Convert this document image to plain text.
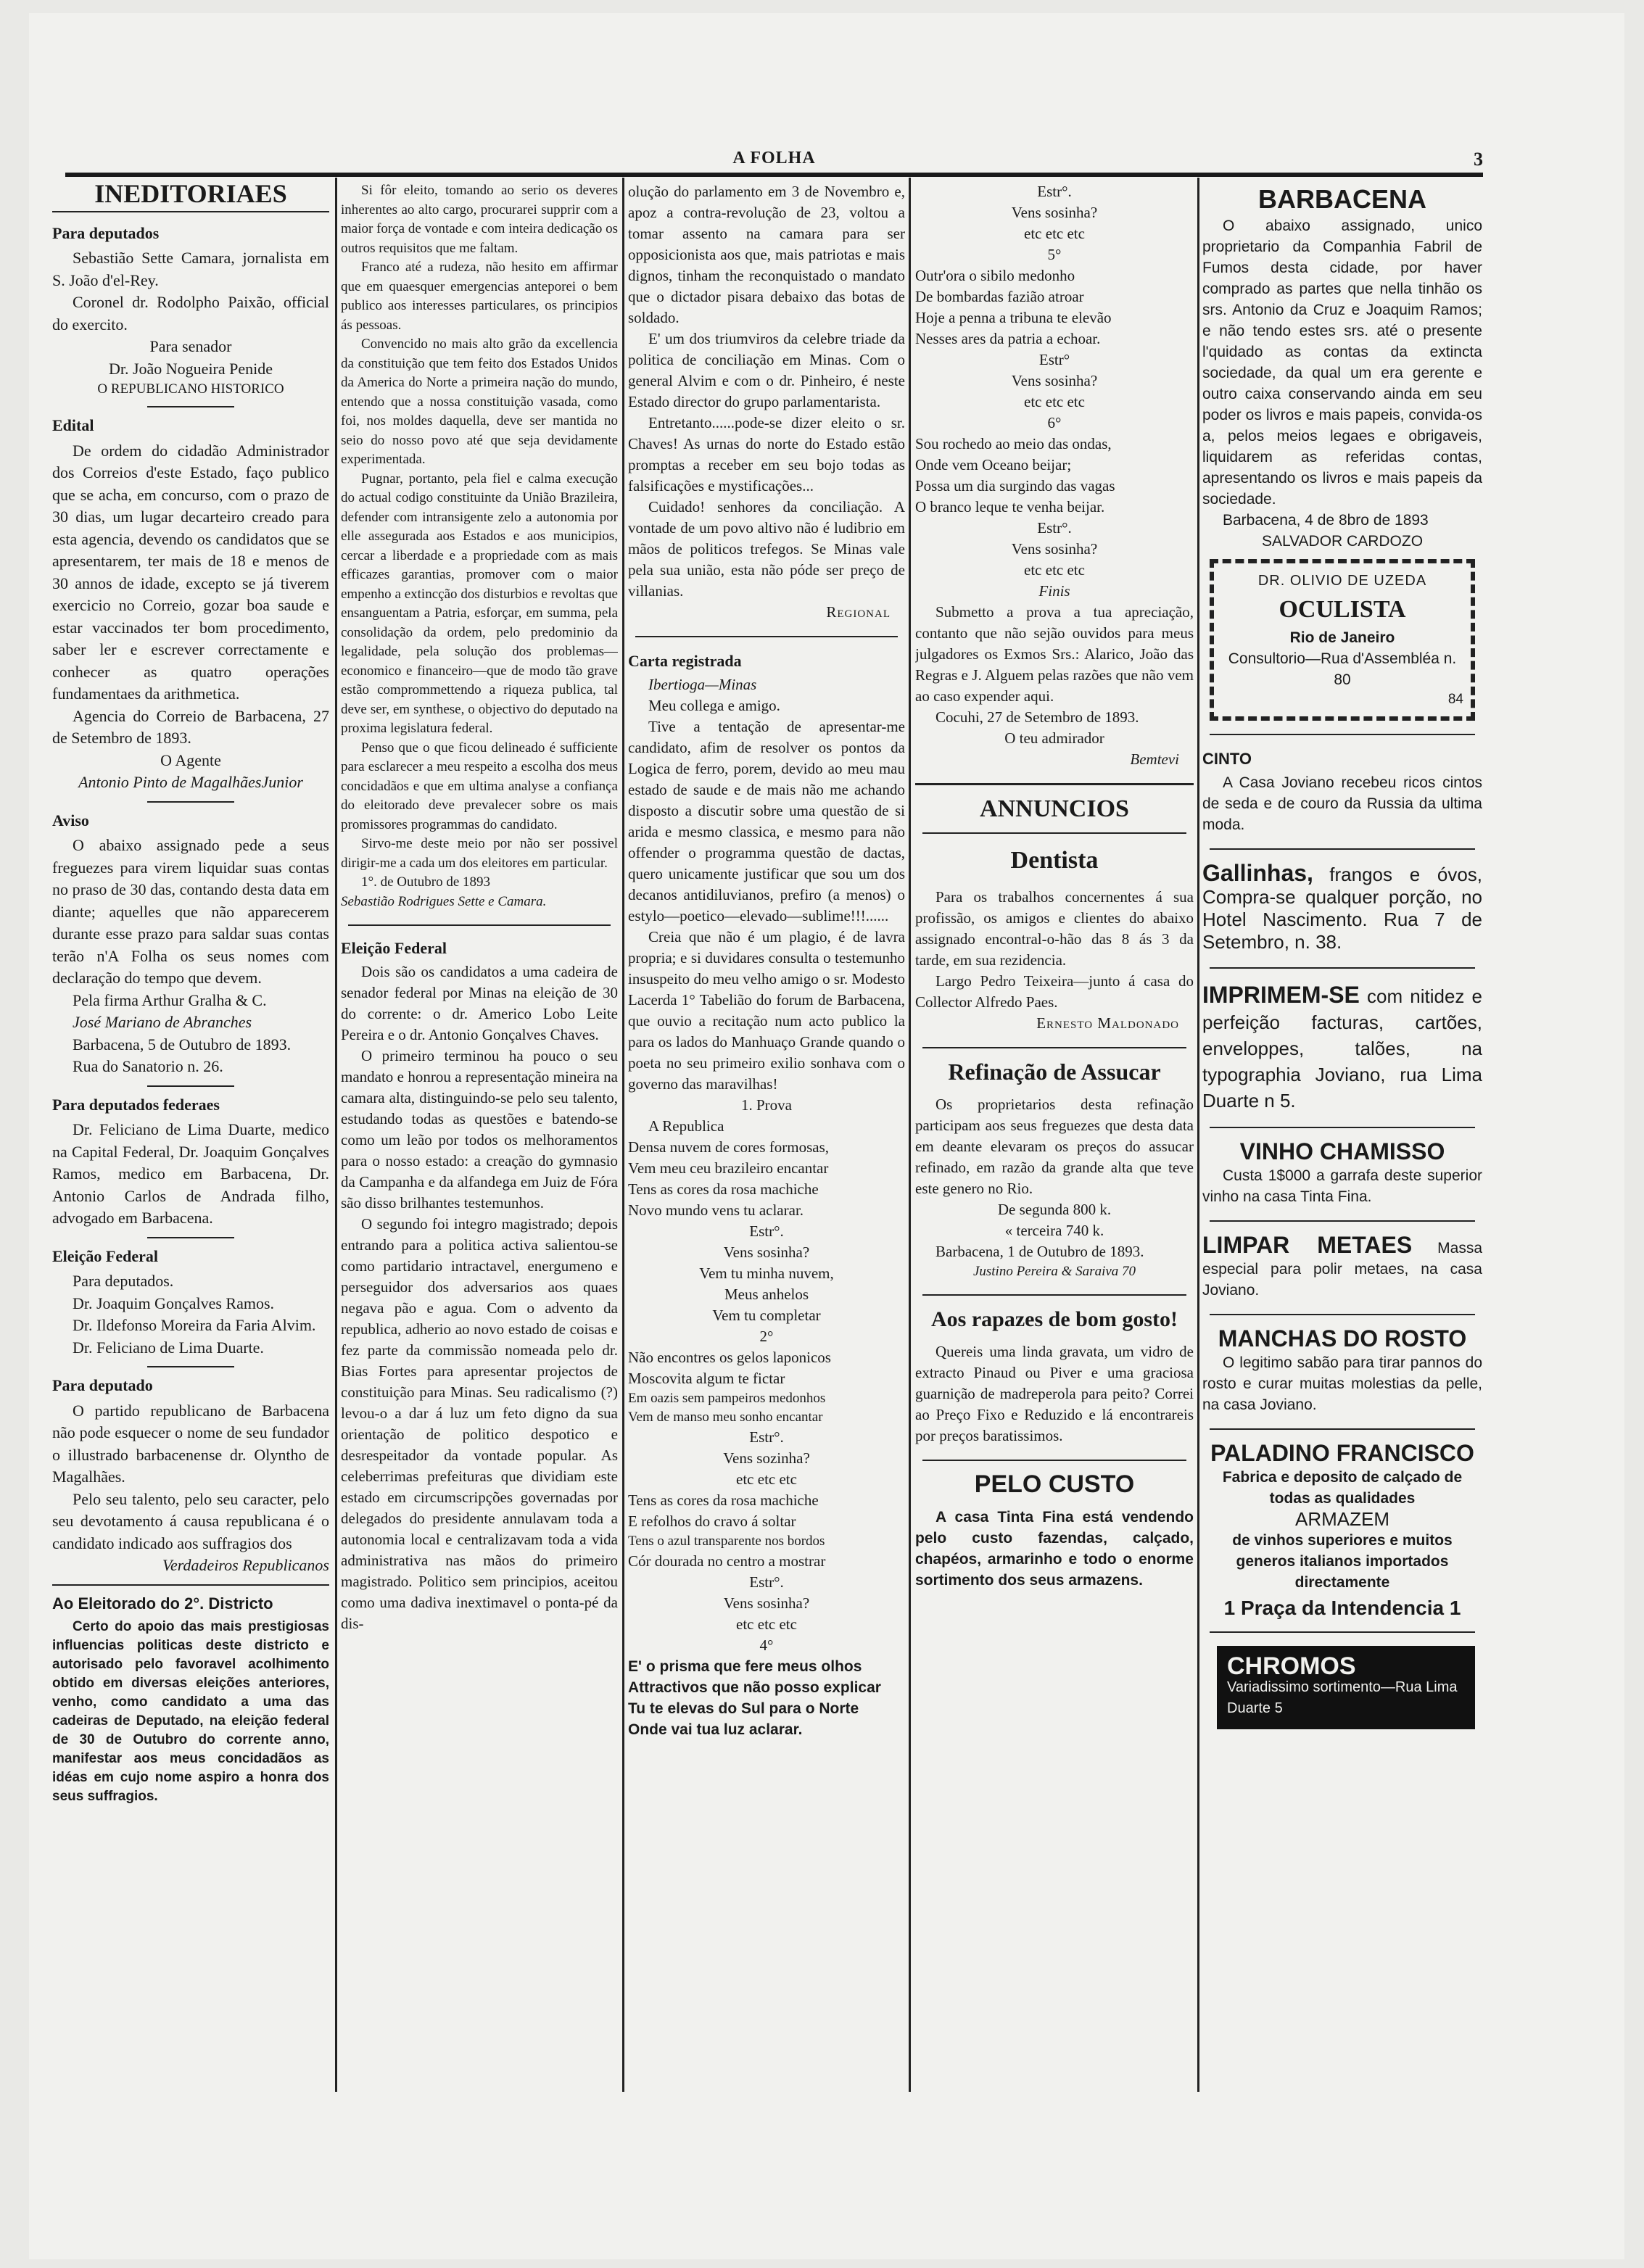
A FOLHA	3
INEDITORIAES

Para deputados

Sebastião Sette Camara, jornalista em S. João d'el-Rey.

Coronel dr. Rodolpho Paixão, official do exercito.

Para senador

Dr. João Nogueira Penide

O REPUBLICANO HISTORICO

Edital

De ordem do cidadão Administrador dos Correios d'este Estado, faço publico que se acha, em concurso, com o prazo de 30 dias, um lugar decarteiro creado para esta agencia, devendo os candidatos que se apresentarem, ter mais de 18 e menos de 30 annos de idade, excepto se já tiverem exercicio no Correio, gozar boa saude e estar vaccinados ter bom procedimento, saber ler e escrever correctamente e conhecer as quatro operações fundamentaes da arithmetica.

Agencia do Correio de Barbacena, 27 de Setembro de 1893.

O Agente

Antonio Pinto de MagalhãesJunior

Aviso

O abaixo assignado pede a seus freguezes para virem liquidar suas contas no praso de 30 das, contando desta data em diante; aquelles que não apparecerem durante esse prazo para saldar suas contas terão n'A Folha os seus nomes com declaração do tempo que devem.

Pela firma Arthur Gralha & C.

José Mariano de Abranches

Barbacena, 5 de Outubro de 1893.

Rua do Sanatorio n. 26.

Para deputados federaes

Dr. Feliciano de Lima Duarte, medico na Capital Federal, Dr. Joaquim Gonçalves Ramos, medico em Barbacena, Dr. Antonio Carlos de Andrada filho, advogado em Barbacena.

Eleição Federal

Para deputados.

Dr. Joaquim Gonçalves Ramos.

Dr. Ildefonso Moreira da Faria Alvim.

Dr. Feliciano de Lima Duarte.

Para deputado

O partido republicano de Barbacena não pode esquecer o nome de seu fundador o illustrado barbacenense dr. Olyntho de Magalhães.

Pelo seu talento, pelo seu caracter, pelo seu devotamento á causa republicana é o candidato indicado aos suffragios dos

Verdadeiros Republicanos

Ao Eleitorado do 2°. Districto

Certo do apoio das mais prestigiosas influencias politicas deste districto e autorisado pelo favoravel acolhimento obtido em diversas eleições anteriores, venho, como candidato a uma das cadeiras de Deputado, na eleição federal de 30 de Outubro do corrente anno, manifestar aos meus concidadãos as idéas em cujo nome aspiro a honra dos seus suffragios.

Si fôr eleito, tomando ao serio os deveres inherentes ao alto cargo, procurarei supprir com a maior força de vontade e com inteira dedicação os outros requisitos que me faltam.

Franco até a rudeza, não hesito em affirmar que em quaesquer emergencias anteporei o bem publico aos interesses particulares, os principios ás pessoas.

Convencido no mais alto grão da excellencia da constituição que tem feito dos Estados Unidos da America do Norte a primeira nação do mundo, entendo que a nossa constituição vasada, como foi, nos moldes daquella, deve ser mantida no seio do nosso povo até que seja devidamente experimentada.

Pugnar, portanto, pela fiel e calma execução do actual codigo constituinte da União Brazileira, defender com intransigente zelo a autonomia por elle assegurada aos Estados e aos municipios, cercar a liberdade e a propriedade com as mais efficazes garantias, promover com o maior empenho a extincção dos disturbios e revoltas que ensanguentam a Patria, esforçar, em summa, pela consolidação da ordem, pelo predominio da legalidade, pela solução dos problemas—economico e financeiro—que de modo tão grave estão comprommettendo a riqueza publica, tal deve ser, em synthese, o objectivo do deputado na proxima legislatura federal.

Penso que o que ficou delineado é sufficiente para esclarecer a meu respeito a escolha dos meus concidadãos e que em ultima analyse a confiança do eleitorado deve prevalecer sobre os mais promissores programmas do candidato.

Sirvo-me deste meio por não ser possivel dirigir-me a cada um dos eleitores em particular.

1°. de Outubro de 1893

Sebastião Rodrigues Sette e Camara.

Eleição Federal

Dois são os candidatos a uma cadeira de senador federal por Minas na eleição de 30 do corrente: o dr. Americo Lobo Leite Pereira e o dr. Antonio Gonçalves Chaves.

O primeiro terminou ha pouco o seu mandato e honrou a representação mineira na camara alta, distinguindo-se pelo seu talento, estudando todas as questões e batendo-se como um leão por todos os melhoramentos para o nosso estado: a creação do gymnasio da Campanha e da alfandega em Juiz de Fóra são disso brilhantes testemunhos.

O segundo foi integro magistrado; depois entrando para a politica activa salientou-se como partidario intractavel, energumeno e perseguidor dos adversarios aos quaes negava pão e agua. Com o advento da republica, adherio ao novo estado de coisas e fez parte da commissão nomeada pelo dr. Bias Fortes para apresentar projectos de constituição para Minas. Seu radicalismo (?) levou-o a dar á luz um feto digno da sua orientação de politico despotico e desrespeitador da vontade popular. As celeberrimas prefeituras que dividiam este estado em circumscripções governadas por delegados do presidente annulavam toda a autonomia local e centralizavam toda a vida administrativa nas mãos do primeiro magistrado. Politico sem principios, aceitou como uma dadiva inextimavel o ponta-pé da dis-

olução do parlamento em 3 de Novembro e, apoz a contra-revolução de 23, voltou a tomar assento na camara para ser opposicionista aos que, mais patriotas e mais dignos, tinham the reconquistado o mandato que o dictador pisara debaixo das botas de soldado.

E' um dos triumviros da celebre triade da politica de conciliação em Minas. Com o general Alvim e com o dr. Pinheiro, é neste Estado director do grupo parlamentarista.

Entretanto......pode-se dizer eleito o sr. Chaves! As urnas do norte do Estado estão promptas a receber em seu bojo todas as falsificações e mystificações...

Cuidado! senhores da conciliação. A vontade de um povo altivo não é ludibrio em mãos de politicos trefegos. Se Minas vale pela sua união, esta não póde ser preço de villanias.

Regional

Carta registrada

Ibertioga—Minas

Meu collega e amigo.

Tive a tentação de apresentar-me candidato, afim de resolver os pontos da Logica de ferro, porem, devido ao meu mau estado de saude e de mais não me achando disposto a discutir sobre uma questão de si arida e mesmo classica, e mesmo para não offender o programma questão de dactas, quero unicamente justificar que sou um dos decanos antidiluvianos, prefiro (a menos) o estylo—poetico—elevado—sublime!!!......

Creia que não é um plagio, é de lavra propria; e si duvidares consulta o testemunho insuspeito do meu velho amigo o sr. Modesto Lacerda 1° Tabelião do forum de Barbacena, que ouvio a recitação num acto publico la para os lados do Manhuaço Grande quando o poeta no seu primeiro exilio sonhava com o governo das maravilhas!

1. Prova

A Republica

Densa nuvem de cores formosas,

Vem meu ceu brazileiro encantar

Tens as cores da rosa machiche

Novo mundo vens tu aclarar.

Estr°.

Vens sosinha?

Vem tu minha nuvem,

Meus anhelos

Vem tu completar

2°

Não encontres os gelos laponicos

Moscovita algum te fictar

Em oazis sem pampeiros medonhos

Vem de manso meu sonho encantar

Estr°.

Vens sozinha?

etc etc etc

Tens as cores da rosa machiche

E refolhos do cravo á soltar

Tens o azul transparente nos bordos

Cór dourada no centro a mostrar

Estr°.

Vens sosinha?

etc etc etc

4°

E' o prisma que fere meus olhos

Attractivos que não posso explicar

Tu te elevas do Sul para o Norte

Onde vai tua luz aclarar.

Estr°.

Vens sosinha?

etc etc etc

5°

Outr'ora o sibilo medonho

De bombardas fazião atroar

Hoje a penna a tribuna te elevão

Nesses ares da patria a echoar.

Estr°

Vens sosinha?

etc etc etc

6°

Sou rochedo ao meio das ondas,

Onde vem Oceano beijar;

Possa um dia surgindo das vagas

O branco leque te venha beijar.

Estr°.

Vens sosinha?

etc etc etc

Finis

Submetto a prova a tua apreciação, contanto que não sejão ouvidos para meus julgadores os Exmos Srs.: Alarico, João das Regras e J. Alguem pelas razões que não vem ao caso expender aqui.

Cocuhi, 27 de Setembro de 1893.

O teu admirador

Bemtevi

ANNUNCIOS
Dentista

Para os trabalhos concernentes á sua profissão, os amigos e clientes do abaixo assignado encontral-o-hão das 8 ás 3 da tarde, em sua rezidencia.

Largo Pedro Teixeira—junto á casa do Collector Alfredo Paes.

Ernesto Maldonado

Refinação de Assucar

Os proprietarios desta refinação participam aos seus freguezes que desta data em deante elevaram os preços do assucar refinado, em razão da grande alta que teve este genero no Rio.

De segunda 800 k.

« terceira 740 k.

Barbacena, 1 de Outubro de 1893.

Justino Pereira & Saraiva 70

Aos rapazes de bom gosto!

Quereis uma linda gravata, um vidro de extracto Pinaud ou Piver e uma graciosa guarnição de madreperola para peito? Correi ao Preço Fixo e Reduzido e lá encontrareis por preços baratissimos.

PELO CUSTO

A casa Tinta Fina está vendendo pelo custo fazendas, calçado, chapéos, armarinho e todo o enorme sortimento dos seus armazens.

BARBACENA

O abaixo assignado, unico proprietario da Companhia Fabril de Fumos desta cidade, por haver comprado as partes que nella tinhão os srs. Antonio da Cruz e Joaquim Ramos; e não tendo estes srs. até o presente l'quidado as contas da extincta sociedade, da qual um era gerente e outro caixa conservando ainda em seu poder os livros e mais papeis, convida-os a, pelos meios legaes e obrigaveis, liquidarem as referidas contas, apresentando os livros e mais papeis da sociedade.

Barbacena, 4 de 8bro de 1893

SALVADOR CARDOZO

DR. OLIVIO DE UZEDA
OCULISTA
Rio de Janeiro
Consultorio—Rua d'Assembléa n. 80
84

CINTO

A Casa Joviano recebeu ricos cintos de seda e de couro da Russia da ultima moda.

Gallinhas, frangos e óvos, Compra-se qualquer porção, no Hotel Nascimento. Rua 7 de Setembro, n. 38.

IMPRIMEM-SE com nitidez e perfeição facturas, cartões, enveloppes, talões, na typographia Joviano, rua Lima Duarte n 5.

VINHO CHAMISSO

Custa 1$000 a garrafa deste superior vinho na casa Tinta Fina.

LIMPAR METAES Massa especial para polir metaes, na casa Joviano.

MANCHAS DO ROSTO

O legitimo sabão para tirar pannos do rosto e curar muitas molestias da pelle, na casa Joviano.

PALADINO FRANCISCO

Fabrica e deposito de calçado de todas as qualidades

ARMAZEM

de vinhos superiores e muitos generos italianos importados directamente

1 Praça da Intendencia 1

CHROMOS
Variadissimo sortimento—Rua Lima Duarte 5
